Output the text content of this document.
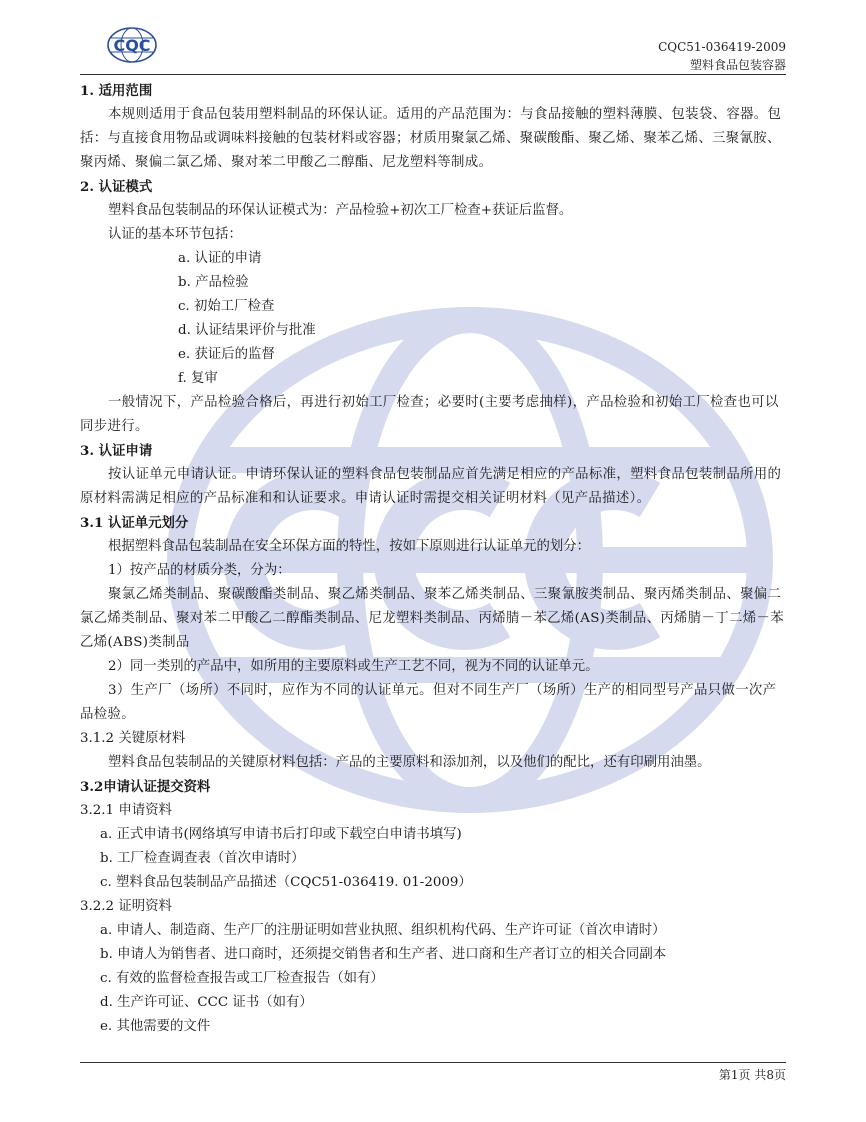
CQC	CQC51-036419-2009
塑料食品包装容器
1. 适用范围
本规则适用于食品包装用塑料制品的环保认证。适用的产品范围为：与食品接触的塑料薄膜、包装袋、容器。包括：与直接食用物品或调味料接触的包装材料或容器；材质用聚氯乙烯、聚碳酸酯、聚乙烯、聚苯乙烯、三聚氰胺、聚丙烯、聚偏二氯乙烯、聚对苯二甲酸乙二醇酯、尼龙塑料等制成。
2. 认证模式
塑料食品包装制品的环保认证模式为：产品检验+初次工厂检查+获证后监督。
认证的基本环节包括：
a. 认证的申请
b. 产品检验
c. 初始工厂检查
d. 认证结果评价与批准
e. 获证后的监督
f. 复审
一般情况下，产品检验合格后，再进行初始工厂检查；必要时(主要考虑抽样)，产品检验和初始工厂检查也可以同步进行。
3. 认证申请
按认证单元申请认证。申请环保认证的塑料食品包装制品应首先满足相应的产品标准，塑料食品包装制品所用的原材料需满足相应的产品标准和和认证要求。申请认证时需提交相关证明材料（见产品描述）。
3.1 认证单元划分
根据塑料食品包装制品在安全环保方面的特性，按如下原则进行认证单元的划分：
1）按产品的材质分类，分为：
聚氯乙烯类制品、聚碳酸酯类制品、聚乙烯类制品、聚苯乙烯类制品、三聚氰胺类制品、聚丙烯类制品、聚偏二氯乙烯类制品、聚对苯二甲酸乙二醇酯类制品、尼龙塑料类制品、丙烯腈－苯乙烯(AS)类制品、丙烯腈－丁二烯－苯乙烯(ABS)类制品
2）同一类别的产品中，如所用的主要原料或生产工艺不同，视为不同的认证单元。
3）生产厂（场所）不同时，应作为不同的认证单元。但对不同生产厂（场所）生产的相同型号产品只做一次产品检验。
3.1.2 关键原材料
塑料食品包装制品的关键原材料包括：产品的主要原料和添加剂，以及他们的配比，还有印刷用油墨。
3.2申请认证提交资料
3.2.1 申请资料
a. 正式申请书(网络填写申请书后打印或下载空白申请书填写)
b. 工厂检查调查表（首次申请时）
c. 塑料食品包装制品产品描述（CQC51-036419. 01-2009）
3.2.2 证明资料
a. 申请人、制造商、生产厂的注册证明如营业执照、组织机构代码、生产许可证（首次申请时）
b. 申请人为销售者、进口商时，还须提交销售者和生产者、进口商和生产者订立的相关合同副本
c. 有效的监督检查报告或工厂检查报告（如有）
d. 生产许可证、CCC 证书（如有）
e. 其他需要的文件
第1页 共8页
